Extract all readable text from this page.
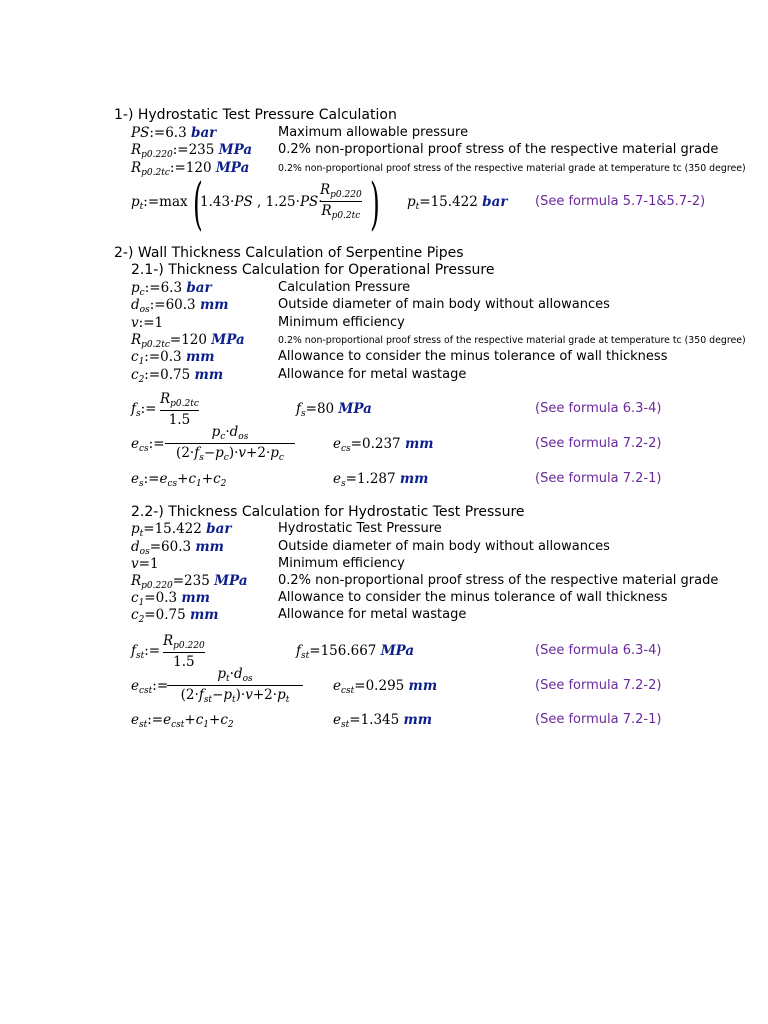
1-) Hydrostatic Test Pressure Calculation
PS:=6.3 bar	Maximum allowable pressure
$R_{p0.220}:=235$ MPa 0.2% non-proportional proof stress of the respective material grade
$R_{p0.2tc}:=120$ MPa	0.2% non-proportional proof stress of the respective material grade at temperature tc (350 degree)
$p_t:=\max$ (
1.43·PS , 1.25·PS·
$R_{p0.220}$
$R_{p0.2tc}$ ) $p_t=15.422$ bar (See formula 5.7-1&5.7-2)
2-) Wall Thickness Calculation of Serpentine Pipes
2.1-) Thickness Calculation for Operational Pressure
$p_c:=6.3$ bar	Calculation Pressure
$d_{os}:=60.3$ mm	Outside diameter of main body without allowances
v:=1	Minimum efficiency
$R_{p0.2tc}=120$ MPa	0.2% non-proportional proof stress of the respective material grade at temperature tc (350 degree)
$c_1:=0.3$ mm	Allowance to consider the minus tolerance of wall thickness
$c_2:=0.75$ mm	Allowance for metal wastage
$f_s:=$
$R_{p0.2tc}$
1.5
$f_s=80$ MPa	(See formula 6.3-4)
$e_{cs}:=$
$p_c\cdot d_{os}$
$(2\cdot f_s-p_c)\cdot v+2\cdot p_c$
$e_{cs}=0.237$ mm	(See formula 7.2-2)
$e_s:=e_{cs}+c_1+c_2$	$e_s=1.287$ mm	(See formula 7.2-1)
2.2-) Thickness Calculation for Hydrostatic Test Pressure
$p_t=15.422$ bar	Hydrostatic Test Pressure
$d_{os}=60.3$ mm	Outside diameter of main body without allowances
v=1	Minimum efficiency
$R_{p0.220}=235$ MPa 0.2% non-proportional proof stress of the respective material grade
$c_1=0.3$ mm	Allowance to consider the minus tolerance of wall thickness
$c_2=0.75$ mm	Allowance for metal wastage
$f_{st}:=$
$R_{p0.220}$
1.5
$f_{st}=156.667$ MPa	(See formula 6.3-4)
$e_{cst}:=$
$p_t\cdot d_{os}$
$(2\cdot f_{st}-p_t)\cdot v+2\cdot p_t$
$e_{cst}=0.295$ mm	(See formula 7.2-2)
$e_{st}:=e_{cst}+c_1+c_2$	$e_{st}=1.345$ mm	(See formula 7.2-1)
